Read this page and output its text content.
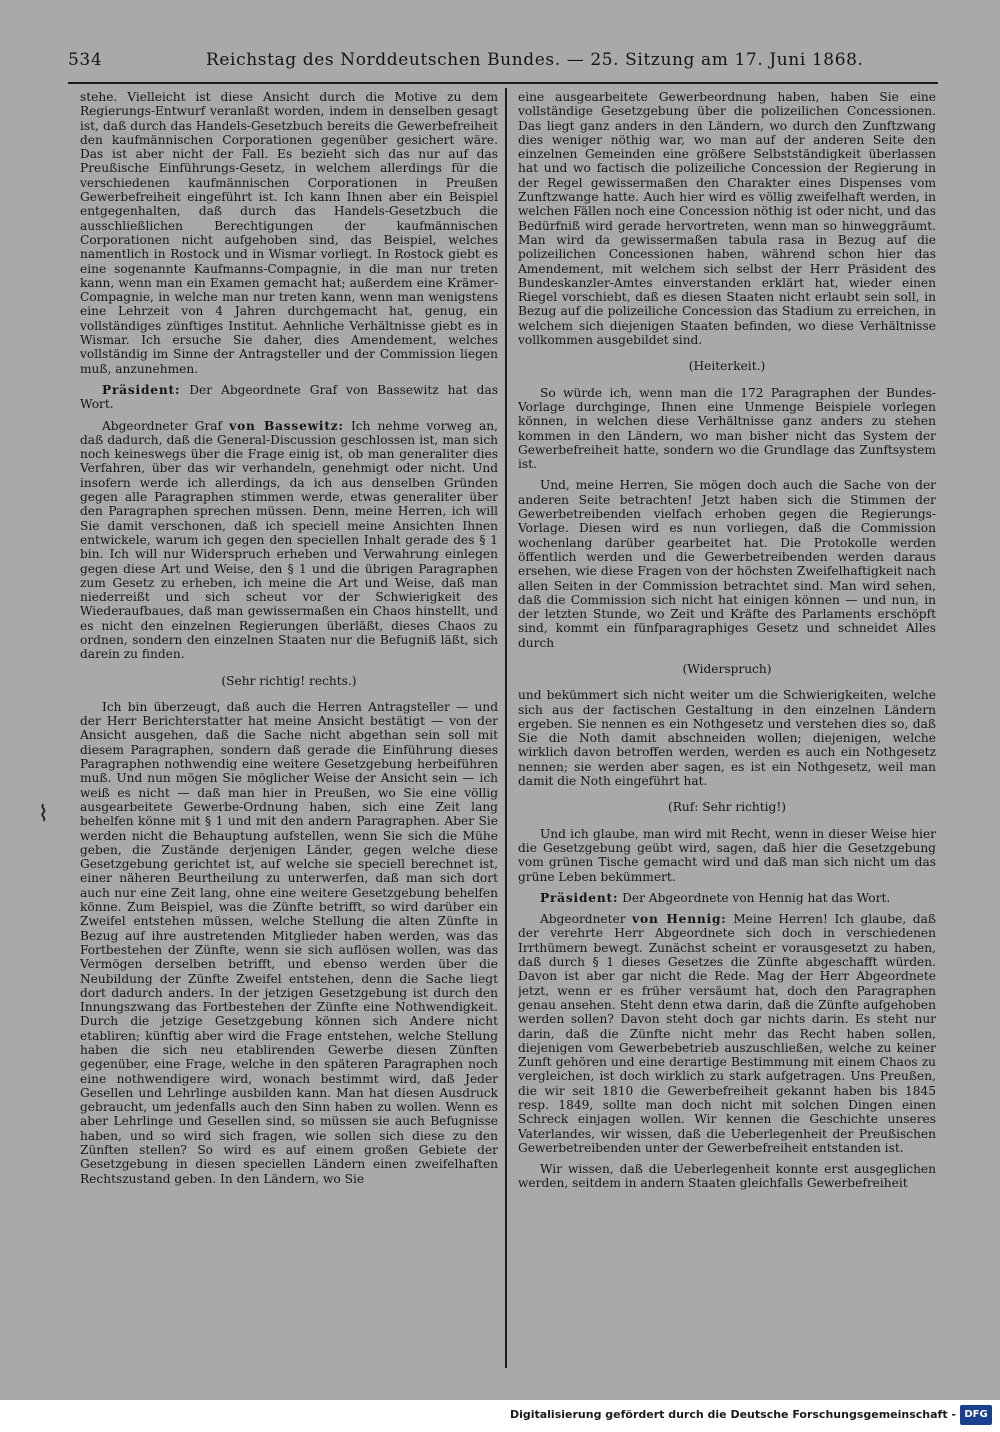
534	Reichstag des Norddeutschen Bundes. — 25. Sitzung am 17. Juni 1868.
⌇

stehe. Vielleicht ist diese Ansicht durch die Motive zu dem Regierungs-Entwurf veranlaßt worden, indem in denselben gesagt ist, daß durch das Handels-Gesetzbuch bereits die Gewerbefreiheit den kaufmännischen Corporationen gegenüber gesichert wäre. Das ist aber nicht der Fall. Es bezieht sich das nur auf das Preußische Einführungs-Gesetz, in welchem allerdings für die verschiedenen kaufmännischen Corporationen in Preußen Gewerbefreiheit eingeführt ist. Ich kann Ihnen aber ein Beispiel entgegenhalten, daß durch das Handels-Gesetzbuch die ausschließlichen Berechtigungen der kaufmännischen Corporationen nicht aufgehoben sind, das Beispiel, welches namentlich in Rostock und in Wismar vorliegt. In Rostock giebt es eine sogenannte Kaufmanns-Compagnie, in die man nur treten kann, wenn man ein Examen gemacht hat; außerdem eine Krämer-Compagnie, in welche man nur treten kann, wenn man wenigstens eine Lehrzeit von 4 Jahren durchgemacht hat, genug, ein vollständiges zünftiges Institut. Aehnliche Verhältnisse giebt es in Wismar. Ich ersuche Sie daher, dies Amendement, welches vollständig im Sinne der Antragsteller und der Commission liegen muß, anzunehmen.

Präsident: Der Abgeordnete Graf von Bassewitz hat das Wort.

Abgeordneter Graf von Bassewitz: Ich nehme vorweg an, daß dadurch, daß die General-Discussion geschlossen ist, man sich noch keineswegs über die Frage einig ist, ob man generaliter dies Verfahren, über das wir verhandeln, genehmigt oder nicht. Und insofern werde ich allerdings, da ich aus denselben Gründen gegen alle Paragraphen stimmen werde, etwas generaliter über den Paragraphen sprechen müssen. Denn, meine Herren, ich will Sie damit verschonen, daß ich speciell meine Ansichten Ihnen entwickele, warum ich gegen den speciellen Inhalt gerade des § 1 bin. Ich will nur Widerspruch erheben und Verwahrung einlegen gegen diese Art und Weise, den § 1 und die übrigen Paragraphen zum Gesetz zu erheben, ich meine die Art und Weise, daß man niederreißt und sich scheut vor der Schwierigkeit des Wiederaufbaues, daß man gewissermaßen ein Chaos hinstellt, und es nicht den einzelnen Regierungen überläßt, dieses Chaos zu ordnen, sondern den einzelnen Staaten nur die Befugniß läßt, sich darein zu finden.

(Sehr richtig! rechts.)

Ich bin überzeugt, daß auch die Herren Antragsteller — und der Herr Berichterstatter hat meine Ansicht bestätigt — von der Ansicht ausgehen, daß die Sache nicht abgethan sein soll mit diesem Paragraphen, sondern daß gerade die Einführung dieses Paragraphen nothwendig eine weitere Gesetzgebung herbeiführen muß. Und nun mögen Sie möglicher Weise der Ansicht sein — ich weiß es nicht — daß man hier in Preußen, wo Sie eine völlig ausgearbeitete Gewerbe-Ordnung haben, sich eine Zeit lang behelfen könne mit § 1 und mit den andern Paragraphen. Aber Sie werden nicht die Behauptung aufstellen, wenn Sie sich die Mühe geben, die Zustände derjenigen Länder, gegen welche diese Gesetzgebung gerichtet ist, auf welche sie speciell berechnet ist, einer näheren Beurtheilung zu unterwerfen, daß man sich dort auch nur eine Zeit lang, ohne eine weitere Gesetzgebung behelfen könne. Zum Beispiel, was die Zünfte betrifft, so wird darüber ein Zweifel entstehen müssen, welche Stellung die alten Zünfte in Bezug auf ihre austretenden Mitglieder haben werden, was das Fortbestehen der Zünfte, wenn sie sich auflösen wollen, was das Vermögen derselben betrifft, und ebenso werden über die Neubildung der Zünfte Zweifel entstehen, denn die Sache liegt dort dadurch anders. In der jetzigen Gesetzgebung ist durch den Innungszwang das Fortbestehen der Zünfte eine Nothwendigkeit. Durch die jetzige Gesetzgebung können sich Andere nicht etabliren; künftig aber wird die Frage entstehen, welche Stellung haben die sich neu etablirenden Gewerbe diesen Zünften gegenüber, eine Frage, welche in den späteren Paragraphen noch eine nothwendigere wird, wonach bestimmt wird, daß Jeder Gesellen und Lehrlinge ausbilden kann. Man hat diesen Ausdruck gebraucht, um jedenfalls auch den Sinn haben zu wollen. Wenn es aber Lehrlinge und Gesellen sind, so müssen sie auch Befugnisse haben, und so wird sich fragen, wie sollen sich diese zu den Zünften stellen? So wird es auf einem großen Gebiete der Gesetzgebung in diesen speciellen Ländern einen zweifelhaften Rechtszustand geben. In den Ländern, wo Sie

eine ausgearbeitete Gewerbeordnung haben, haben Sie eine vollständige Gesetzgebung über die polizeilichen Concessionen. Das liegt ganz anders in den Ländern, wo durch den Zunftzwang dies weniger nöthig war, wo man auf der anderen Seite den einzelnen Gemeinden eine größere Selbstständigkeit überlassen hat und wo factisch die polizeiliche Concession der Regierung in der Regel gewissermaßen den Charakter eines Dispenses vom Zunftzwange hatte. Auch hier wird es völlig zweifelhaft werden, in welchen Fällen noch eine Concession nöthig ist oder nicht, und das Bedürfniß wird gerade hervortreten, wenn man so hinweggräumt. Man wird da gewissermaßen tabula rasa in Bezug auf die polizeilichen Concessionen haben, während schon hier das Amendement, mit welchem sich selbst der Herr Präsident des Bundeskanzler-Amtes einverstanden erklärt hat, wieder einen Riegel vorschiebt, daß es diesen Staaten nicht erlaubt sein soll, in Bezug auf die polizeiliche Concession das Stadium zu erreichen, in welchem sich diejenigen Staaten befinden, wo diese Verhältnisse vollkommen ausgebildet sind.

(Heiterkeit.)

So würde ich, wenn man die 172 Paragraphen der Bundes-Vorlage durchginge, Ihnen eine Unmenge Beispiele vorlegen können, in welchen diese Verhältnisse ganz anders zu stehen kommen in den Ländern, wo man bisher nicht das System der Gewerbefreiheit hatte, sondern wo die Grundlage das Zunftsystem ist.

Und, meine Herren, Sie mögen doch auch die Sache von der anderen Seite betrachten! Jetzt haben sich die Stimmen der Gewerbetreibenden vielfach erhoben gegen die Regierungs-Vorlage. Diesen wird es nun vorliegen, daß die Commission wochenlang darüber gearbeitet hat. Die Protokolle werden öffentlich werden und die Gewerbetreibenden werden daraus ersehen, wie diese Fragen von der höchsten Zweifelhaftigkeit nach allen Seiten in der Commission betrachtet sind. Man wird sehen, daß die Commission sich nicht hat einigen können — und nun, in der letzten Stunde, wo Zeit und Kräfte des Parlaments erschöpft sind, kommt ein fünfparagraphiges Gesetz und schneidet Alles durch

(Widerspruch)

und bekümmert sich nicht weiter um die Schwierigkeiten, welche sich aus der factischen Gestaltung in den einzelnen Ländern ergeben. Sie nennen es ein Nothgesetz und verstehen dies so, daß Sie die Noth damit abschneiden wollen; diejenigen, welche wirklich davon betroffen werden, werden es auch ein Nothgesetz nennen; sie werden aber sagen, es ist ein Nothgesetz, weil man damit die Noth eingeführt hat.

(Ruf: Sehr richtig!)

Und ich glaube, man wird mit Recht, wenn in dieser Weise hier die Gesetzgebung geübt wird, sagen, daß hier die Gesetzgebung vom grünen Tische gemacht wird und daß man sich nicht um das grüne Leben bekümmert.

Präsident: Der Abgeordnete von Hennig hat das Wort.

Abgeordneter von Hennig: Meine Herren! Ich glaube, daß der verehrte Herr Abgeordnete sich doch in verschiedenen Irrthümern bewegt. Zunächst scheint er vorausgesetzt zu haben, daß durch § 1 dieses Gesetzes die Zünfte abgeschafft würden. Davon ist aber gar nicht die Rede. Mag der Herr Abgeordnete jetzt, wenn er es früher versäumt hat, doch den Paragraphen genau ansehen. Steht denn etwa darin, daß die Zünfte aufgehoben werden sollen? Davon steht doch gar nichts darin. Es steht nur darin, daß die Zünfte nicht mehr das Recht haben sollen, diejenigen vom Gewerbebetrieb auszuschließen, welche zu keiner Zunft gehören und eine derartige Bestimmung mit einem Chaos zu vergleichen, ist doch wirklich zu stark aufgetragen. Uns Preußen, die wir seit 1810 die Gewerbefreiheit gekannt haben bis 1845 resp. 1849, sollte man doch nicht mit solchen Dingen einen Schreck einjagen wollen. Wir kennen die Geschichte unseres Vaterlandes, wir wissen, daß die Ueberlegenheit der Preußischen Gewerbetreibenden unter der Gewerbefreiheit entstanden ist.

Wir wissen, daß die Ueberlegenheit konnte erst ausgeglichen werden, seitdem in andern Staaten gleichfalls Gewerbefreiheit

Digitalisierung gefördert durch die Deutsche Forschungsgemeinschaft - DFG
